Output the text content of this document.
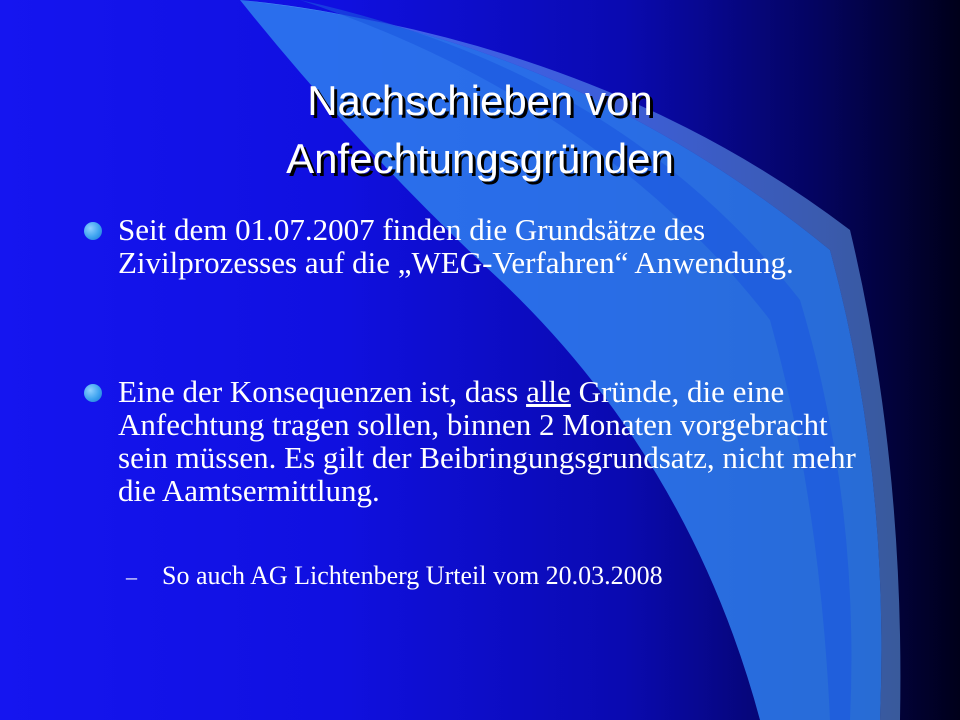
Nachschieben von
Anfechtungsgründen

Seit dem 01.07.2007 finden die Grundsätze des Zivilprozesses auf die „WEG-Verfahren“ Anwendung.

Eine der Konsequenzen ist, dass alle Gründe, die eine Anfechtung tragen sollen, binnen 2 Monaten vorgebracht sein müssen. Es gilt der Beibringungsgrundsatz, nicht mehr die Aamtsermittlung.

– So auch AG Lichtenberg Urteil vom 20.03.2008
